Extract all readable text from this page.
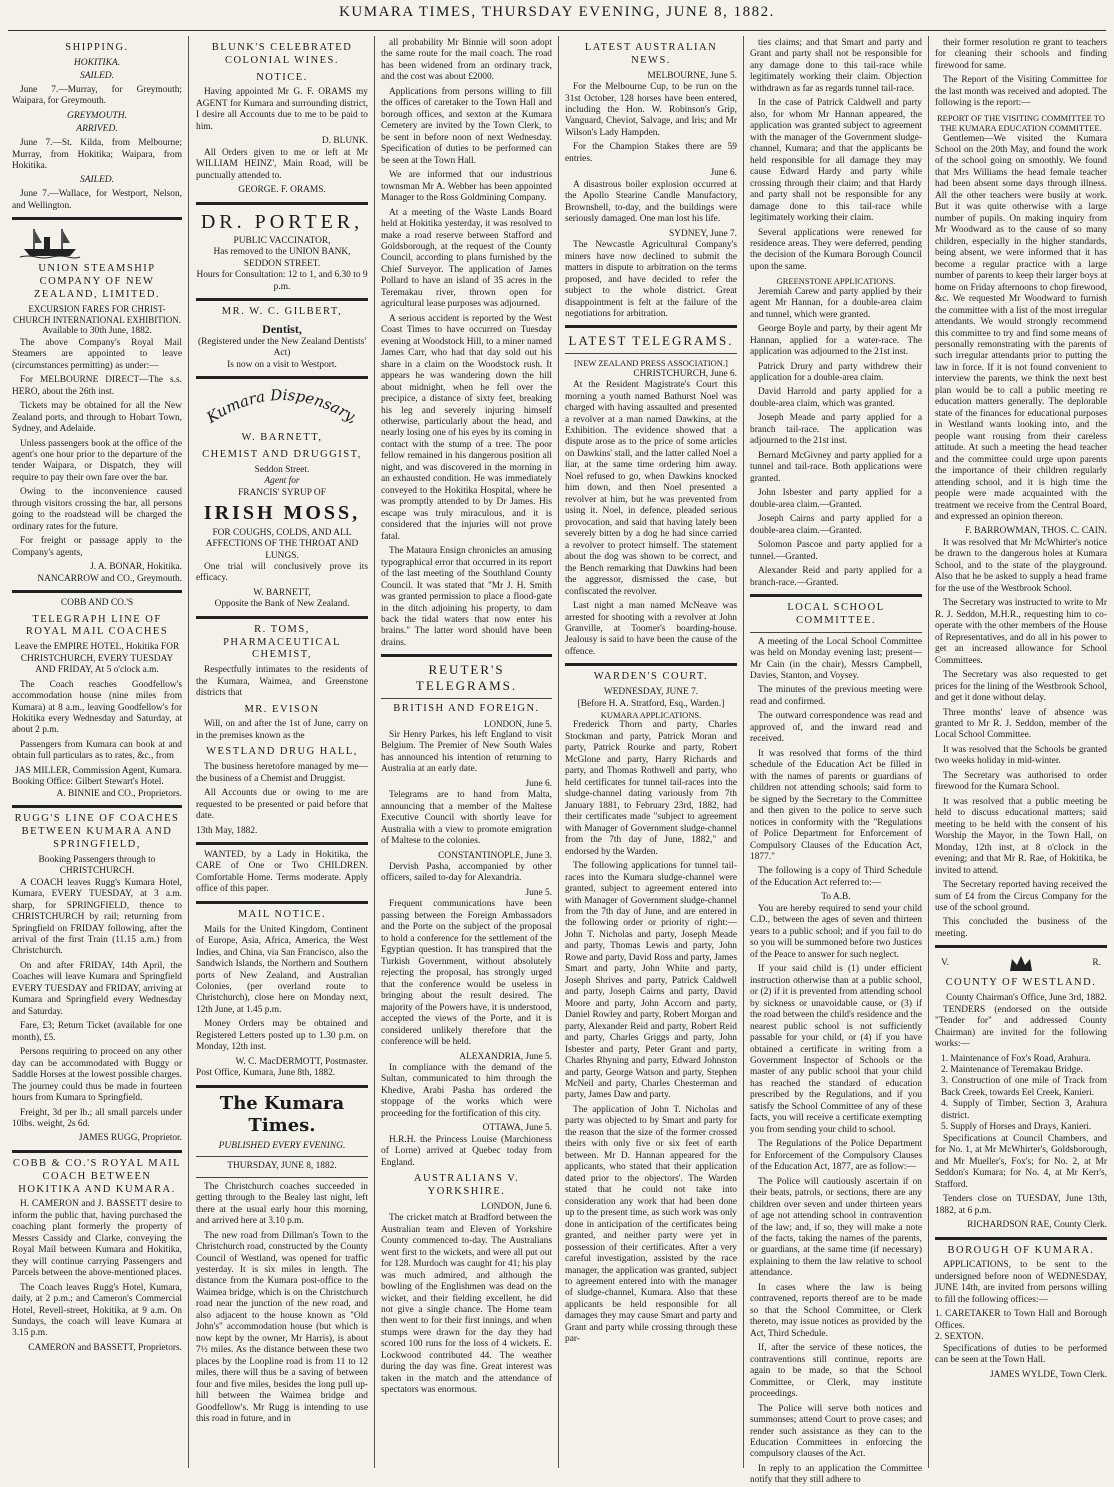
KUMARA TIMES, THURSDAY EVENING, JUNE 8, 1882.
SHIPPING.
HOKITIKA.
SAILED.

June 7.—Murray, for Greymouth; Waipara, for Greymouth.

GREYMOUTH.
ARRIVED.

June 7.—St. Kilda, from Melbourne; Murray, from Hokitika; Waipara, from Hokitika.

SAILED.

June 7.—Wallace, for Westport, Nelson, and Wellington.

UNION STEAMSHIP COMPANY OF NEW ZEALAND, LIMITED.
EXCURSION FARES FOR CHRIST-CHURCH INTERNATIONAL EXHIBITION.
Available to 30th June, 1882.

The above Company's Royal Mail Steamers are appointed to leave (circumstances permitting) as under:—

For MELBOURNE DIRECT—The s.s. HERO, about the 26th inst.

Tickets may be obtained for all the New Zealand ports, and through to Hobart Town, Sydney, and Adelaide.

Unless passengers book at the office of the agent's one hour prior to the departure of the tender Waipara, or Dispatch, they will require to pay their own fare over the bar.

Owing to the inconvenience caused through visitors crossing the bar, all persons going to the roadstead will be charged the ordinary rates for the future.

For freight or passage apply to the Company's agents,

J. A. BONAR, Hokitika.
NANCARROW and CO., Greymouth.
COBB AND CO.'S
TELEGRAPH LINE OF ROYAL MAIL COACHES

Leave the EMPIRE HOTEL, Hokitika FOR CHRISTCHURCH, EVERY TUESDAY AND FRIDAY, At 5 o'clock a.m.

The Coach reaches Goodfellow's accommodation house (nine miles from Kumara) at 8 a.m., leaving Goodfellow's for Hokitika every Wednesday and Saturday, at about 2 p.m.

Passengers from Kumara can book at and obtain full particulars as to rates, &c., from

JAS MILLER, Commission Agent, Kumara.
Booking Office: Gilbert Stewart's Hotel.
A. BINNIE and CO., Proprietors.
RUGG'S LINE OF COACHES BETWEEN KUMARA AND SPRINGFIELD,
Booking Passengers through to CHRISTCHURCH.

A COACH leaves Rugg's Kumara Hotel, Kumara, EVERY TUESDAY, at 3 a.m. sharp, for SPRINGFIELD, thence to CHRISTCHURCH by rail; returning from Springfield on FRIDAY following, after the arrival of the first Train (11.15 a.m.) from Christchurch.

On and after FRIDAY, 14th April, the Coaches will leave Kumara and Springfield EVERY TUESDAY and FRIDAY, arriving at Kumara and Springfield every Wednesday and Saturday.

Fare, £3; Return Ticket (available for one month), £5.

Persons requiring to proceed on any other day can be accommodated with Buggy or Saddle Horses at the lowest possible charges. The journey could thus be made in fourteen hours from Kumara to Springfield.

Freight, 3d per lb.; all small parcels under 10lbs. weight, 2s 6d.

JAMES RUGG, Proprietor.
COBB & CO.'S ROYAL MAIL COACH BETWEEN HOKITIKA AND KUMARA.

H. CAMERON and J. BASSETT desire to inform the public that, having purchased the coaching plant formerly the property of Messrs Cassidy and Clarke, conveying the Royal Mail between Kumara and Hokitika, they will continue carrying Passengers and Parcels between the above-mentioned places.

The Coach leaves Rugg's Hotel, Kumara, daily, at 2 p.m.; and Cameron's Commercial Hotel, Revell-street, Hokitika, at 9 a.m. On Sundays, the coach will leave Kumara at 3.15 p.m.

CAMERON and BASSETT, Proprietors.
BLUNK'S CELEBRATED COLONIAL WINES.
NOTICE.

Having appointed Mr G. F. ORAMS my AGENT for Kumara and surrounding district, I desire all Accounts due to me to be paid to him.

D. BLUNK.

All Orders given to me or left at Mr WILLIAM HEINZ', Main Road, will be punctually attended to.

GEORGE. F. ORAMS.
DR. PORTER,
PUBLIC VACCINATOR,
Has removed to the UNION BANK, SEDDON STREET.
Hours for Consultation: 12 to 1, and 6.30 to 9 p.m.
MR. W. C. GILBERT,
Dentist,
(Registered under the New Zealand Dentists' Act)
Is now on a visit to Westport.
Kumara Dispensary,
W. BARNETT,
CHEMIST AND DRUGGIST,
Seddon Street.
Agent for
FRANCIS' SYRUP OF
IRISH MOSS,
FOR COUGHS, COLDS, AND ALL AFFECTIONS OF THE THROAT AND LUNGS.

One trial will conclusively prove its efficacy.

W. BARNETT,
Opposite the Bank of New Zealand.
R. TOMS, PHARMACEUTICAL CHEMIST,

Respectfully intimates to the residents of the Kumara, Waimea, and Greenstone districts that

MR. EVISON

Will, on and after the 1st of June, carry on in the premises known as the

WESTLAND DRUG HALL,

The business heretofore managed by me—the business of a Chemist and Druggist.

All Accounts due or owing to me are requested to be presented or paid before that date.

13th May, 1882.

WANTED, by a Lady in Hokitika, the CARE of One or Two CHILDREN. Comfortable Home. Terms moderate. Apply office of this paper.

MAIL NOTICE.

Mails for the United Kingdom, Continent of Europe, Asia, Africa, America, the West Indies, and China, via San Francisco, also the Sandwich Islands, the Northern and Southern ports of New Zealand, and Australian Colonies, (per overland route to Christchurch), close here on Monday next, 12th June, at 1.45 p.m.

Money Orders may be obtained and Registered Letters posted up to 1.30 p.m. on Monday, 12th inst.

W. C. MacDERMOTT, Postmaster.
Post Office, Kumara, June 8th, 1882.
The Kumara Times.
PUBLISHED EVERY EVENING.
THURSDAY, JUNE 8, 1882.

The Christchurch coaches succeeded in getting through to the Bealey last night, left there at the usual early hour this morning, and arrived here at 3.10 p.m.

The new road from Dillman's Town to the Christchurch road, constructed by the County Council of Westland, was opened for traffic yesterday. It is six miles in length. The distance from the Kumara post-office to the Waimea bridge, which is on the Christchurch road near the junction of the new road, and also adjacent to the house known as "Old John's" accommodation house (but which is now kept by the owner, Mr Harris), is about 7½ miles. As the distance between these two places by the Loopline road is from 11 to 12 miles, there will thus be a saving of between four and five miles, besides the long pull up-hill between the Waimea bridge and Goodfellow's. Mr Rugg is intending to use this road in future, and in

all probability Mr Binnie will soon adopt the same route for the mail coach. The road has been widened from an ordinary track, and the cost was about £2000.

Applications from persons willing to fill the offices of caretaker to the Town Hall and borough offices, and sexton at the Kumara Cemetery are invited by the Town Clerk, to be sent in before noon of next Wednesday. Specification of duties to be performed can be seen at the Town Hall.

We are informed that our industrious townsman Mr A. Webber has been appointed Manager to the Ross Goldmining Company.

At a meeting of the Waste Lands Board held at Hokitika yesterday, it was resolved to make a road reserve between Stafford and Goldsborough, at the request of the County Council, according to plans furnished by the Chief Surveyor. The application of James Pollard to have an island of 35 acres in the Teremakau river, thrown open for agricultural lease purposes was adjourned.

A serious accident is reported by the West Coast Times to have occurred on Tuesday evening at Woodstock Hill, to a miner named James Carr, who had that day sold out his share in a claim on the Woodstock rush. It appears he was wandering down the hill about midnight, when he fell over the precipice, a distance of sixty feet, breaking his leg and severely injuring himself otherwise, particularly about the head, and nearly losing one of his eyes by its coming in contact with the stump of a tree. The poor fellow remained in his dangerous position all night, and was discovered in the morning in an exhausted condition. He was immediately conveyed to the Hokitika Hospital, where he was promptly attended to by Dr James. His escape was truly miraculous, and it is considered that the injuries will not prove fatal.

The Mataura Ensign chronicles an amusing typographical error that occurred in its report of the last meeting of the Southland County Council. It was stated that "Mr J. H. Smith was granted permission to place a flood-gate in the ditch adjoining his property, to dam back the tidal waters that now enter his brains." The latter word should have been drains.

REUTER'S TELEGRAMS.
BRITISH AND FOREIGN.
LONDON, June 5.

Sir Henry Parkes, his left England to visit Belgium. The Premier of New South Wales has announced his intention of returning to Australia at an early date.

June 6.

Telegrams are to hand from Malta, announcing that a member of the Maltese Executive Council with shortly leave for Australia with a view to promote emigration of Maltese to the colonies.

CONSTANTINOPLE, June 3.

Dervish Pasha, accompanied by other officers, sailed to-day for Alexandria.

June 5.

Frequent communications have been passing between the Foreign Ambassadors and the Porte on the subject of the proposal to hold a conference for the settlement of the Egyptian question. It has transpired that the Turkish Government, without absolutely rejecting the proposal, has strongly urged that the conference would be useless in bringing about the result desired. The majority of the Powers have, it is understood, accepted the views of the Porte, and it is considered unlikely therefore that the conference will be held.

ALEXANDRIA, June 5.

In compliance with the demand of the Sultan, communicated to him through the Khedive, Arabi Pasha has ordered the stoppage of the works which were proceeding for the fortification of this city.

OTTAWA, June 5.

H.R.H. the Princess Louise (Marchioness of Lorne) arrived at Quebec today from England.

AUSTRALIANS V. YORKSHIRE.
LONDON, June 6.

The cricket match at Bradford between the Australian team and Eleven of Yorkshire County commenced to-day. The Australians went first to the wickets, and were all put out for 128. Murdoch was caught for 41; his play was much admired, and although the bowling of the Englishmen was dead on the wicket, and their fielding excellent, he did not give a single chance. The Home team then went to for their first innings, and when stumps were drawn for the day they had scored 100 runs for the loss of 4 wickets. E. Lockwood contributed 44. The weather during the day was fine. Great interest was taken in the match and the attendance of spectators was enormous.

LATEST AUSTRALIAN NEWS.
MELBOURNE, June 5.

For the Melbourne Cup, to be run on the 31st October, 128 horses have been entered, including the Hon. W. Robinson's Grip, Vanguard, Cheviot, Salvage, and Iris; and Mr Wilson's Lady Hampden.

For the Champion Stakes there are 59 entries.

June 6.

A disastrous boiler explosion occurred at the Apollo Stearine Candle Manufactory, Brownshell, to-day, and the buildings were seriously damaged. One man lost his life.

SYDNEY, June 7.

The Newcastle Agricultural Company's miners have now declined to submit the matters in dispute to arbitration on the terms proposed, and have decided to refer the subject to the whole district. Great disappointment is felt at the failure of the negotiations for arbitration.

LATEST TELEGRAMS.
[NEW ZEALAND PRESS ASSOCIATION.]
CHRISTCHURCH, June 6.

At the Resident Magistrate's Court this morning a youth named Bathurst Noel was charged with having assaulted and presented a revolver at a man named Dawkins, at the Exhibition. The evidence showed that a dispute arose as to the price of some articles on Dawkins' stall, and the latter called Noel a liar, at the same time ordering him away. Noel refused to go, when Dawkins knocked him down, and then Noel presented a revolver at him, but he was prevented from using it. Noel, in defence, pleaded serious provocation, and said that having lately been severely bitten by a dog he had since carried a revolver to protect himself. The statement about the dog was shown to be correct, and the Bench remarking that Dawkins had been the aggressor, dismissed the case, but confiscated the revolver.

Last night a man named McNeave was arrested for shooting with a revolver at John Granville, at Toomer's boarding-house. Jealousy is said to have been the cause of the offence.

WARDEN'S COURT.
WEDNESDAY, JUNE 7.
[Before H. A. Stratford, Esq., Warden.]
KUMARA APPLICATIONS.

Frederick Thorn and party, Charles Stockman and party, Patrick Moran and party, Patrick Rourke and party, Robert McGlone and party, Harry Richards and party, and Thomas Rothwell and party, who held certificates for tunnel tail-races into the sludge-channel dating variously from 7th January 1881, to February 23rd, 1882, had their certificates made "subject to agreement with Manager of Government sludge-channel from the 7th day of June, 1882," and endorsed by the Warden.

The following applications for tunnel tail-races into the Kumara sludge-channel were granted, subject to agreement entered into with Manager of Government sludge-channel from the 7th day of June, and are entered in the following order or priority of right:—John T. Nicholas and party, Joseph Meade and party, Thomas Lewis and party, John Rowe and party, David Ross and party, James Smart and party, John White and party, Joseph Shrives and party, Patrick Caldwell and party, Joseph Cairns and party, David Moore and party, John Accorn and party, Daniel Rowley and party, Robert Morgan and party, Alexander Reid and party, Robert Reid and party, Charles Griggs and party, John Isbester and party, Peter Grant and party, Charles Rhyning and party, Edward Johnston and party, George Watson and party, Stephen McNeil and party, Charles Chesterman and party, James Daw and party.

The application of John T. Nicholas and party was objected to by Smart and party for the reason that the size of the former crossed theirs with only five or six feet of earth between. Mr D. Hannan appeared for the applicants, who stated that their application dated prior to the objectors'. The Warden stated that he could not take into consideration any work that had been done up to the present time, as such work was only done in anticipation of the certificates being granted, and neither party were yet in possession of their certificates. After a very careful investigation, assisted by the race manager, the application was granted, subject to agreement entered into with the manager of sludge-channel, Kumara. Also that these applicants be held responsible for all damages they may cause Smart and party and Grant and party while crossing through these par-

ties claims; and that Smart and party and Grant and party shall not be responsible for any damage done to this tail-race while legitimately working their claim. Objection withdrawn as far as regards tunnel tail-race.

In the case of Patrick Caldwell and party also, for whom Mr Hannan appeared, the application was granted subject to agreement with the manager of the Government sludge-channel, Kumara; and that the applicants be held responsible for all damage they may cause Edward Hardy and party while crossing through their claim; and that Hardy and party shall not be responsible for any damage done to this tail-race while legitimately working their claim.

Several applications were renewed for residence areas. They were deferred, pending the decision of the Kumara Borough Council upon the same.

GREENSTONE APPLICATIONS.

Jeremiah Carew and party applied by their agent Mr Hannan, for a double-area claim and tunnel, which were granted.

George Boyle and party, by their agent Mr Hannan, applied for a water-race. The application was adjourned to the 21st inst.

Patrick Drury and party withdrew their application for a double-area claim.

David Harrold and party applied for a double-area claim, which was granted.

Joseph Meade and party applied for a branch tail-race. The application was adjourned to the 21st inst.

Bernard McGivney and party applied for a tunnel and tail-race. Both applications were granted.

John Isbester and party applied for a double-area claim.—Granted.

Joseph Cairns and party applied for a double-area claim.—Granted.

Solomon Pascoe and party applied for a tunnel.—Granted.

Alexander Reid and party applied for a branch-race.—Granted.

LOCAL SCHOOL COMMITTEE.

A meeting of the Local School Committee was held on Monday evening last; present—Mr Cain (in the chair), Messrs Campbell, Davies, Stanton, and Voysey.

The minutes of the previous meeting were read and confirmed.

The outward correspondence was read and approved of, and the inward read and received.

It was resolved that forms of the third schedule of the Education Act be filled in with the names of parents or guardians of children not attending schools; said form to be signed by the Secretary to the Committee and then given to the police to serve such notices in conformity with the "Regulations of Police Department for Enforcement of Compulsory Clauses of the Education Act, 1877."

The following is a copy of Third Schedule of the Education Act referred to:—

To A.B.

You are hereby required to send your child C.D., between the ages of seven and thirteen years to a public school; and if you fail to do so you will be summoned before two Justices of the Peace to answer for such neglect.

If your said child is (1) under efficient instruction otherwise than at a public school, or (2) if it is prevented from attending school by sickness or unavoidable cause, or (3) if the road between the child's residence and the nearest public school is not sufficiently passable for your child, or (4) if you have obtained a certificate in writing from a Government Inspector of Schools or the master of any public school that your child has reached the standard of education prescribed by the Regulations, and if you satisfy the School Committee of any of these facts, you will receive a certificate exempting you from sending your child to school.

The Regulations of the Police Department for Enforcement of the Compulsory Clauses of the Education Act, 1877, are as follow:—

The Police will cautiously ascertain if on their beats, patrols, or sections, there are any children over seven and under thirteen years of age not attending school in contravention of the law; and, if so, they will make a note of the facts, taking the names of the parents, or guardians, at the same time (if necessary) explaining to them the law relative to school attendance.

In cases where the law is being contravened, reports thereof are to be made so that the School Committee, or Clerk thereto, may issue notices as provided by the Act, Third Schedule.

If, after the service of these notices, the contraventions still continue, reports are again to be made, so that the School Committee, or Clerk, may institute proceedings.

The Police will serve both notices and summonses; attend Court to prove cases; and render such assistance as they can to the Education Committees in enforcing the compulsory clauses of the Act.

In reply to an application the Committee notify that they still adhere to

their former resolution re grant to teachers for cleaning their schools and finding firewood for same.

The Report of the Visiting Committee for the last month was received and adopted. The following is the report:—

REPORT OF THE VISITING COMMITTEE TO THE KUMARA EDUCATION COMMITTEE.

Gentlemen—We visited the Kumara School on the 20th May, and found the work of the school going on smoothly. We found that Mrs Williams the head female teacher had been absent some days through illness. All the other teachers were busily at work. But it was quite otherwise with a large number of pupils. On making inquiry from Mr Woodward as to the cause of so many children, especially in the higher standards, being absent, we were informed that it has become a regular practice with a large number of parents to keep their larger boys at home on Friday afternoons to chop firewood, &c. We requested Mr Woodward to furnish the committee with a list of the most irregular attendants. We would strongly recommend this committee to try and find some means of personally remonstrating with the parents of such irregular attendants prior to putting the law in force. If it is not found convenient to interview the parents, we think the next best plan would be to call a public meeting re education matters generally. The deplorable state of the finances for educational purposes in Westland wants looking into, and the people want rousing from their careless attitude. At such a meeting the head teacher and the committee could urge upon parents the importance of their children regularly attending school, and it is high time the people were made acquainted with the treatment we receive from the Central Board, and expressed an opinion thereon.

F. BARROWMAN, THOS. C. CAIN.

It was resolved that Mr McWhirter's notice be drawn to the dangerous holes at Kumara School, and to the state of the playground. Also that he be asked to supply a head frame for the use of the Westbrook School.

The Secretary was instructed to write to Mr R. J. Seddon, M.H.R., requesting him to co-operate with the other members of the House of Representatives, and do all in his power to get an increased allowance for School Committees.

The Secretary was also requested to get prices for the lining of the Westbrook School, and get it done without delay.

Three months' leave of absence was granted to Mr R. J. Seddon, member of the Local School Committee.

It was resolved that the Schools be granted two weeks holiday in mid-winter.

The Secretary was authorised to order firewood for the Kumara School.

It was resolved that a public meeting be held to discuss educational matters; said meeting to be held with the consent of his Worship the Mayor, in the Town Hall, on Monday, 12th inst, at 8 o'clock in the evening; and that Mr R. Rae, of Hokitika, be invited to attend.

The Secretary reported having received the sum of £4 from the Circus Company for the use of the school ground.

This concluded the business of the meeting.

V.	R.
COUNTY OF WESTLAND.
County Chairman's Office, June 3rd, 1882.

TENDERS (endorsed on the outside "Tender for" and addressed County Chairman) are invited for the following works:—

1. Maintenance of Fox's Road, Arahura.
2. Maintenance of Teremakau Bridge.
3. Construction of one mile of Track from Back Creek, towards Eel Creek, Kanieri.
4. Supply of Timber, Section 3, Arahura district.
5. Supply of Horses and Drays, Kanieri.

Specifications at Council Chambers, and for No. 1, at Mr McWhirter's, Goldsborough, and Mr Mueller's, Fox's; for No. 2, at Mr Seddon's Kumara; for No. 4, at Mr Kerr's, Stafford.

Tenders close on TUESDAY, June 13th, 1882, at 6 p.m.

RICHARDSON RAE, County Clerk.
BOROUGH OF KUMARA.

APPLICATIONS, to be sent to the undersigned before noon of WEDNESDAY, JUNE 14th, are invited from persons willing to fill the following offices:—

1. CARETAKER to Town Hall and Borough Offices.
2. SEXTON.

Specifications of duties to be performed can be seen at the Town Hall.

JAMES WYLDE, Town Clerk.
